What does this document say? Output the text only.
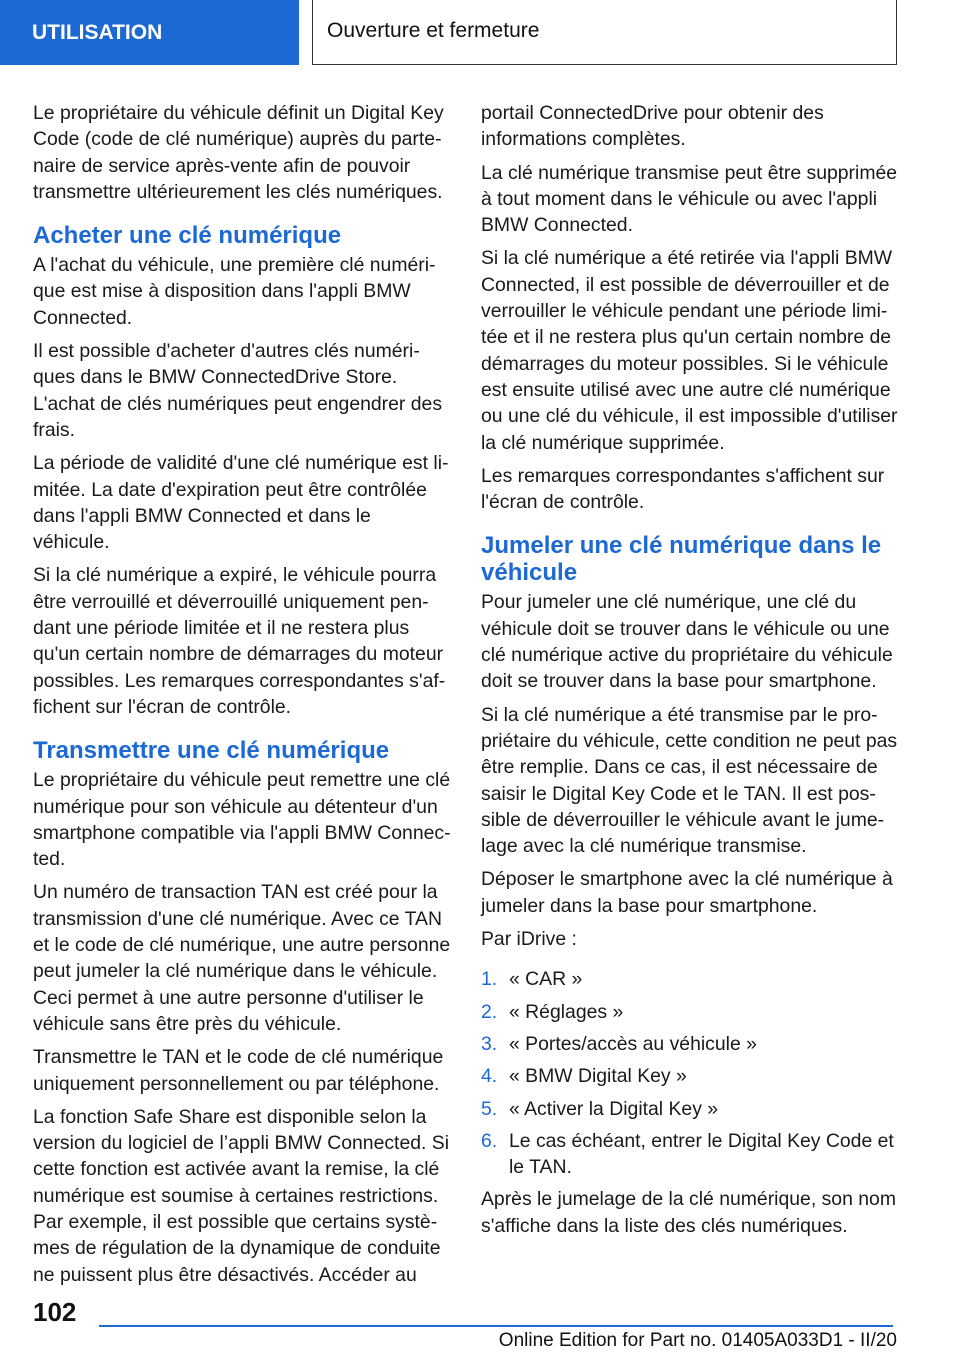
UTILISATION	Ouverture et fermeture

Le propriétaire du véhicule définit un Digital Key Code (code de clé numérique) auprès du partenaire de service après-vente afin de pouvoir transmettre ultérieurement les clés numériques.

Acheter une clé numérique

A l'achat du véhicule, une première clé numérique est mise à disposition dans l'appli BMW Connected.

Il est possible d'acheter d'autres clés numériques dans le BMW ConnectedDrive Store. L'achat de clés numériques peut engendrer des frais.

La période de validité d'une clé numérique est limitée. La date d'expiration peut être contrôlée dans l'appli BMW Connected et dans le véhicule.

Si la clé numérique a expiré, le véhicule pourra être verrouillé et déverrouillé uniquement pendant une période limitée et il ne restera plus qu'un certain nombre de démarrages du moteur possibles. Les remarques correspondantes s'affichent sur l'écran de contrôle.

Transmettre une clé numérique

Le propriétaire du véhicule peut remettre une clé numérique pour son véhicule au détenteur d'un smartphone compatible via l'appli BMW Connected.

Un numéro de transaction TAN est créé pour la transmission d'une clé numérique. Avec ce TAN et le code de clé numérique, une autre personne peut jumeler la clé numérique dans le véhicule. Ceci permet à une autre personne d'utiliser le véhicule sans être près du véhicule.

Transmettre le TAN et le code de clé numérique uniquement personnellement ou par téléphone.

La fonction Safe Share est disponible selon la version du logiciel de l’appli BMW Connected. Si cette fonction est activée avant la remise, la clé numérique est soumise à certaines restrictions. Par exemple, il est possible que certains systèmes de régulation de la dynamique de conduite ne puissent plus être désactivés. Accéder au

portail ConnectedDrive pour obtenir des informations complètes.

La clé numérique transmise peut être supprimée à tout moment dans le véhicule ou avec l'appli BMW Connected.

Si la clé numérique a été retirée via l'appli BMW Connected, il est possible de déverrouiller et de verrouiller le véhicule pendant une période limitée et il ne restera plus qu'un certain nombre de démarrages du moteur possibles. Si le véhicule est ensuite utilisé avec une autre clé numérique ou une clé du véhicule, il est impossible d'utiliser la clé numérique supprimée.

Les remarques correspondantes s'affichent sur l'écran de contrôle.

Jumeler une clé numérique dans le véhicule

Pour jumeler une clé numérique, une clé du véhicule doit se trouver dans le véhicule ou une clé numérique active du propriétaire du véhicule doit se trouver dans la base pour smartphone.

Si la clé numérique a été transmise par le propriétaire du véhicule, cette condition ne peut pas être remplie. Dans ce cas, il est nécessaire de saisir le Digital Key Code et le TAN. Il est possible de déverrouiller le véhicule avant le jumelage avec la clé numérique transmise.

Déposer le smartphone avec la clé numérique à jumeler dans la base pour smartphone.

Par iDrive :

1. « CAR »
2. « Réglages »
3. « Portes/accès au véhicule »
4. « BMW Digital Key »
5. « Activer la Digital Key »
6. Le cas échéant, entrer le Digital Key Code et le TAN.

Après le jumelage de la clé numérique, son nom s'affiche dans la liste des clés numériques.

102
Online Edition for Part no. 01405A033D1 - II/20
